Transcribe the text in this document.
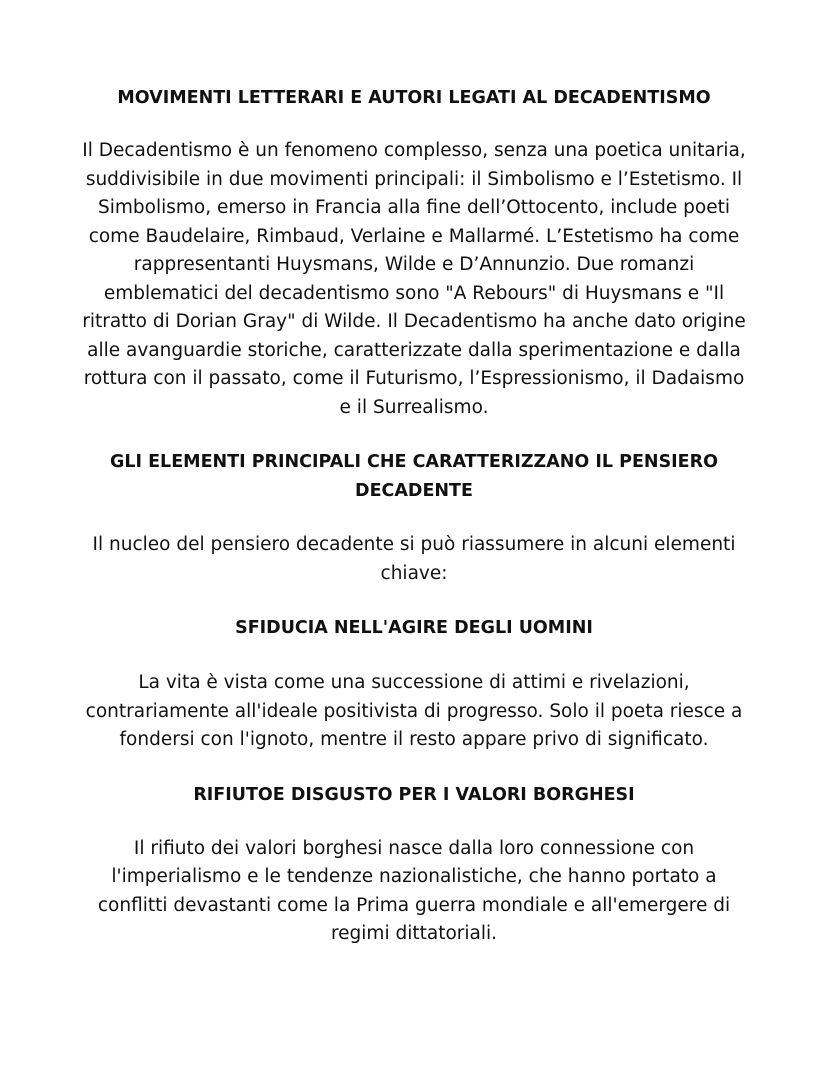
MOVIMENTI LETTERARI E AUTORI LEGATI AL DECADENTISMO

Il Decadentismo è un fenomeno complesso, senza una poetica unitaria, suddivisibile in due movimenti principali: il Simbolismo e l’Estetismo. Il Simbolismo, emerso in Francia alla fine dell’Ottocento, include poeti come Baudelaire, Rimbaud, Verlaine e Mallarmé. L’Estetismo ha come rappresentanti Huysmans, Wilde e D’Annunzio. Due romanzi emblematici del decadentismo sono "A Rebours" di Huysmans e "Il ritratto di Dorian Gray" di Wilde. Il Decadentismo ha anche dato origine alle avanguardie storiche, caratterizzate dalla sperimentazione e dalla rottura con il passato, come il Futurismo, l’Espressionismo, il Dadaismo e il Surrealismo.

GLI ELEMENTI PRINCIPALI CHE CARATTERIZZANO IL PENSIERO DECADENTE

Il nucleo del pensiero decadente si può riassumere in alcuni elementi chiave:

SFIDUCIA NELL'AGIRE DEGLI UOMINI

La vita è vista come una successione di attimi e rivelazioni, contrariamente all'ideale positivista di progresso. Solo il poeta riesce a fondersi con l'ignoto, mentre il resto appare privo di significato.

RIFIUTOE DISGUSTO PER I VALORI BORGHESI

Il rifiuto dei valori borghesi nasce dalla loro connessione con l'imperialismo e le tendenze nazionalistiche, che hanno portato a conflitti devastanti come la Prima guerra mondiale e all'emergere di regimi dittatoriali.
